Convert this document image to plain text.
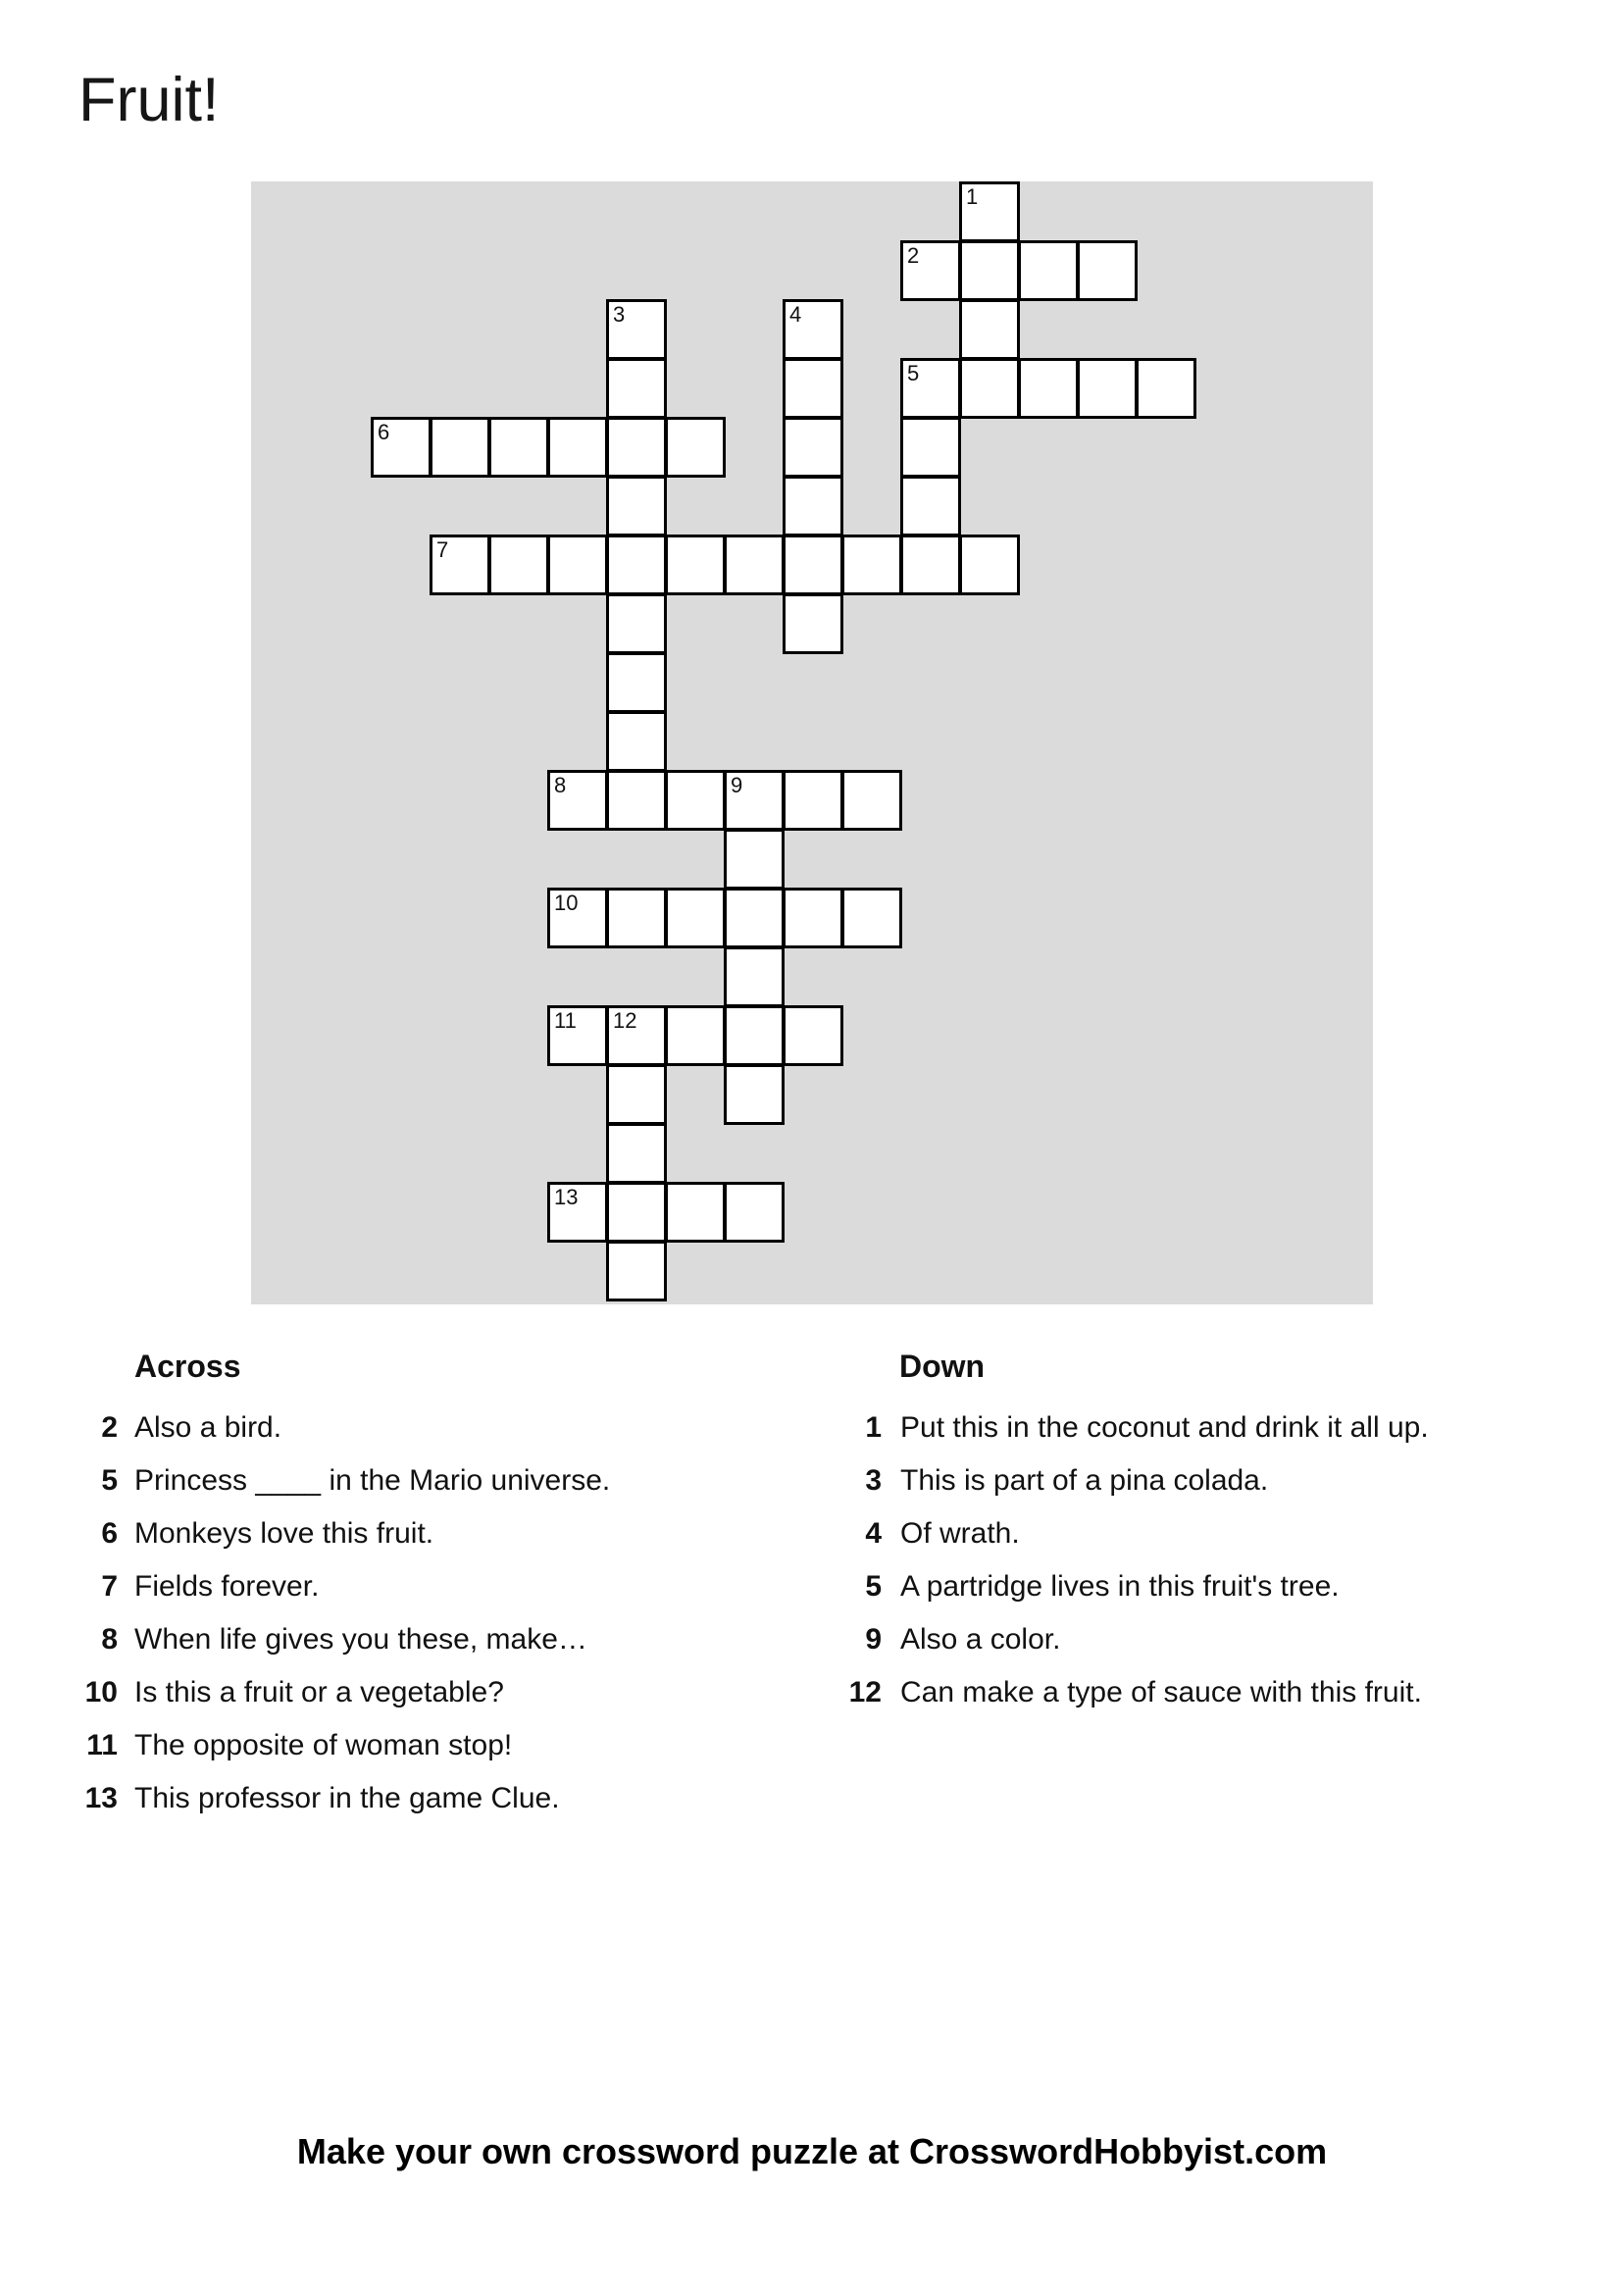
Fruit!
1
2
3	4
5
6
7
8	9
10
11 12
13
Across
2 Also a bird.
5 Princess ____ in the Mario universe.
6 Monkeys love this fruit.
7 Fields forever.
8 When life gives you these, make…
10 Is this a fruit or a vegetable?
11 The opposite of woman stop!
13 This professor in the game Clue.
Down
1 Put this in the coconut and drink it all up.
3 This is part of a pina colada.
4 Of wrath.
5 A partridge lives in this fruit's tree.
9 Also a color.
12 Can make a type of sauce with this fruit.
Make your own crossword puzzle at CrosswordHobbyist.com
